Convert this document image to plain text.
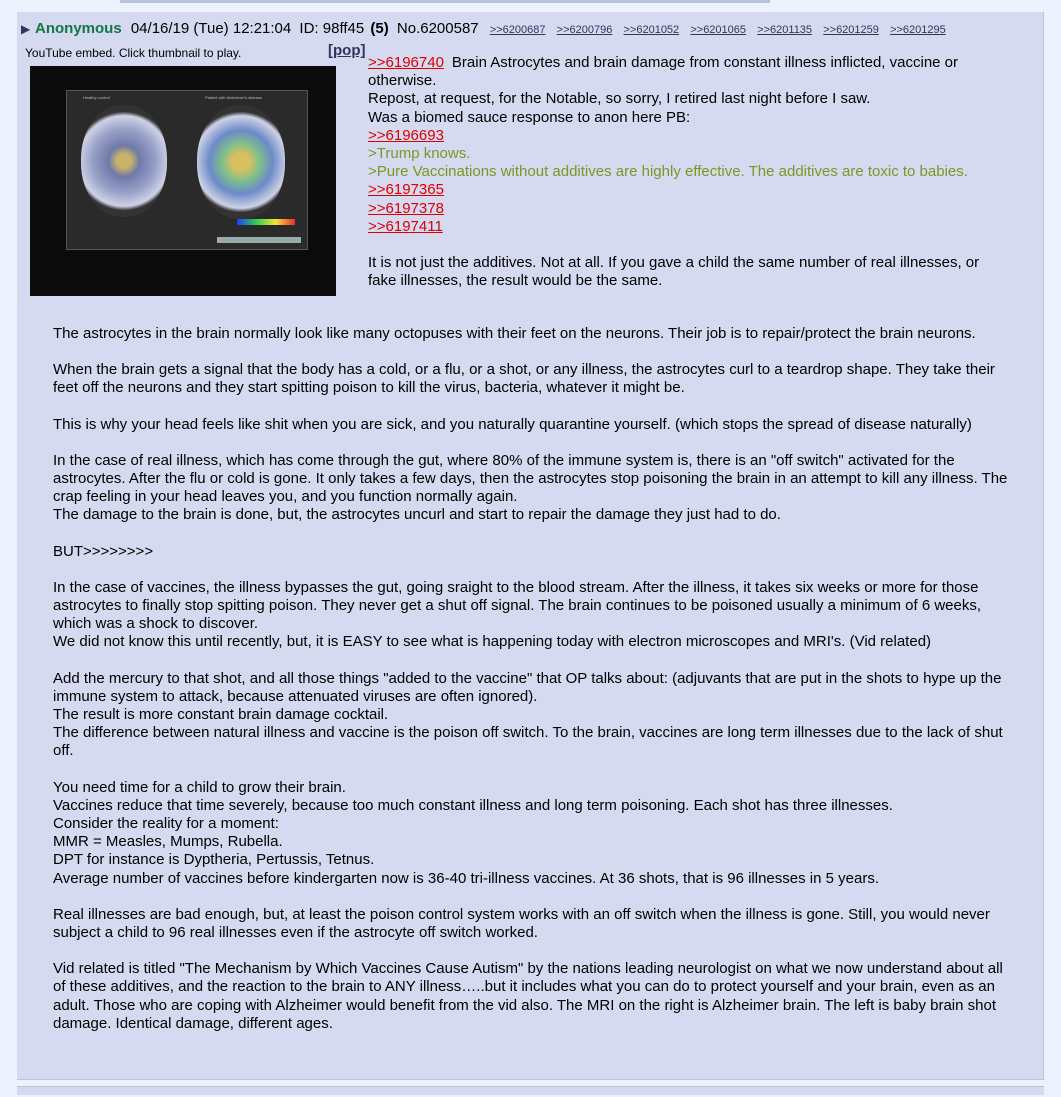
▶ Anonymous 04/16/19 (Tue) 12:21:04 ID: 98ff45 (5) No.6200587 >>6200687 >>6200796 >>6201052 >>6201065 >>6201135 >>6201259 >>6201295
YouTube embed. Click thumbnail to play.	[pop]
Healthy control	Patient with Alzheimer's disease
>>6196740 Brain Astrocytes and brain damage from constant illness inflicted, vaccine or otherwise.
Repost, at request, for the Notable, so sorry, I retired last night before I saw.
Was a biomed sauce response to anon here PB:
>>6196693
>Trump knows.
>Pure Vaccinations without additives are highly effective. The additives are toxic to babies.
>>6197365
>>6197378
>>6197411
It is not just the additives. Not at all. If you gave a child the same number of real illnesses, or fake illnesses, the result would be the same.
The astrocytes in the brain normally look like many octopuses with their feet on the neurons. Their job is to repair/protect the brain neurons.
When the brain gets a signal that the body has a cold, or a flu, or a shot, or any illness, the astrocytes curl to a teardrop shape. They take their feet off the neurons and they start spitting poison to kill the virus, bacteria, whatever it might be.
This is why your head feels like shit when you are sick, and you naturally quarantine yourself. (which stops the spread of disease naturally)
In the case of real illness, which has come through the gut, where 80% of the immune system is, there is an "off switch" activated for the astrocytes. After the flu or cold is gone. It only takes a few days, then the astrocytes stop poisoning the brain in an attempt to kill any illness. The crap feeling in your head leaves you, and you function normally again.
The damage to the brain is done, but, the astrocytes uncurl and start to repair the damage they just had to do.
BUT>>>>>>>>
In the case of vaccines, the illness bypasses the gut, going sraight to the blood stream. After the illness, it takes six weeks or more for those astrocytes to finally stop spitting poison. They never get a shut off signal. The brain continues to be poisoned usually a minimum of 6 weeks, which was a shock to discover.
We did not know this until recently, but, it is EASY to see what is happening today with electron microscopes and MRI's. (Vid related)
Add the mercury to that shot, and all those things "added to the vaccine" that OP talks about: (adjuvants that are put in the shots to hype up the immune system to attack, because attenuated viruses are often ignored).
The result is more constant brain damage cocktail.
The difference between natural illness and vaccine is the poison off switch. To the brain, vaccines are long term illnesses due to the lack of shut off.
You need time for a child to grow their brain.
Vaccines reduce that time severely, because too much constant illness and long term poisoning. Each shot has three illnesses.
Consider the reality for a moment:
MMR = Measles, Mumps, Rubella.
DPT for instance is Dyptheria, Pertussis, Tetnus.
Average number of vaccines before kindergarten now is 36-40 tri-illness vaccines. At 36 shots, that is 96 illnesses in 5 years.
Real illnesses are bad enough, but, at least the poison control system works with an off switch when the illness is gone. Still, you would never subject a child to 96 real illnesses even if the astrocyte off switch worked.
Vid related is titled "The Mechanism by Which Vaccines Cause Autism" by the nations leading neurologist on what we now understand about all of these additives, and the reaction to the brain to ANY illness…..but it includes what you can do to protect yourself and your brain, even as an adult. Those who are coping with Alzheimer would benefit from the vid also. The MRI on the right is Alzheimer brain. The left is baby brain shot damage. Identical damage, different ages.
